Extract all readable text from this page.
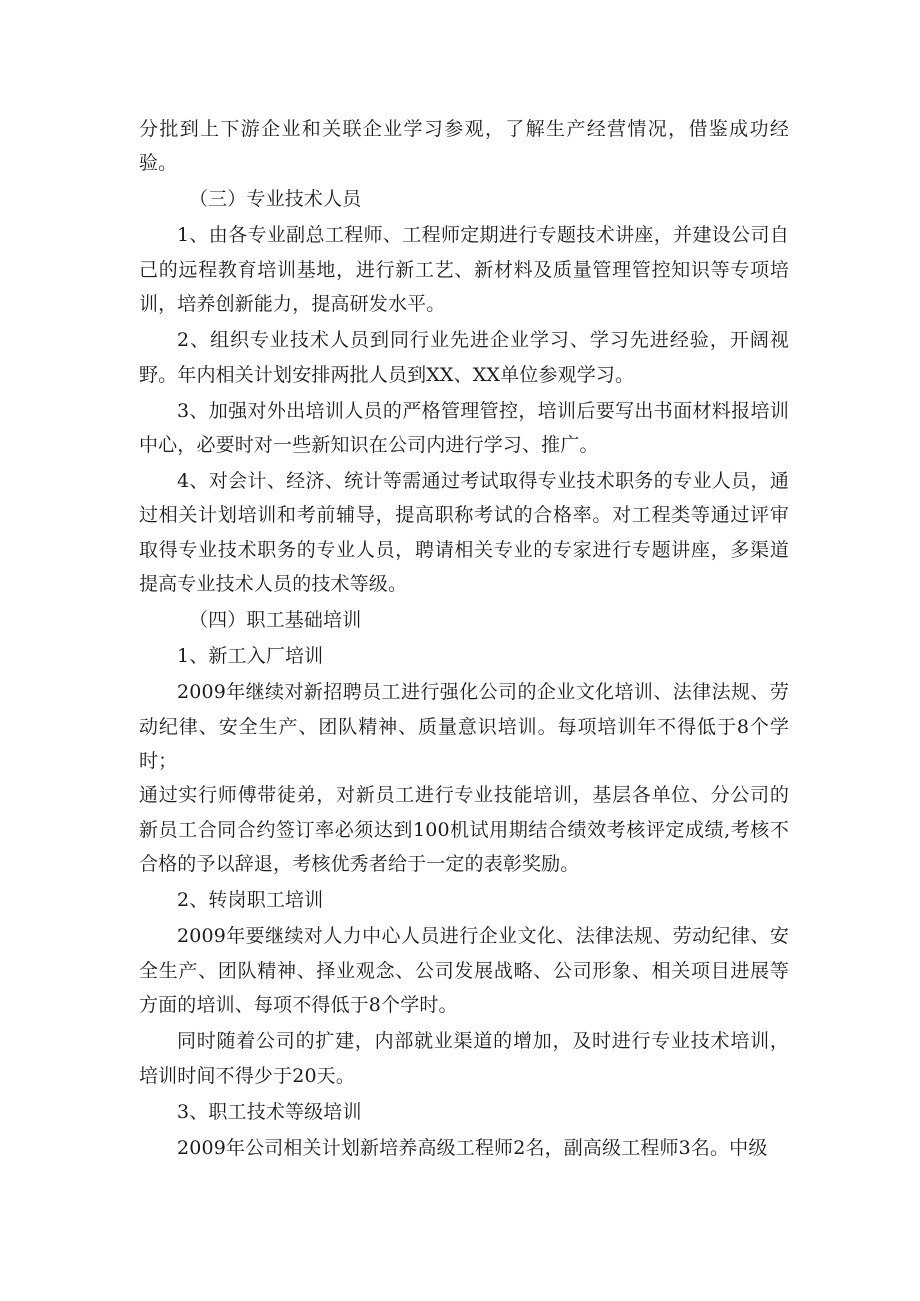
分批到上下游企业和关联企业学习参观，了解生产经营情况，借鉴成功经验。

（三）专业技术人员

1、由各专业副总工程师、工程师定期进行专题技术讲座，并建设公司自己的远程教育培训基地，进行新工艺、新材料及质量管理管控知识等专项培训，培养创新能力，提高研发水平。

2、组织专业技术人员到同行业先进企业学习、学习先进经验，开阔视野。年内相关计划安排两批人员到XX、XX单位参观学习。

3、加强对外出培训人员的严格管理管控，培训后要写出书面材料报培训中心，必要时对一些新知识在公司内进行学习、推广。

4、对会计、经济、统计等需通过考试取得专业技术职务的专业人员，通过相关计划培训和考前辅导，提高职称考试的合格率。对工程类等通过评审取得专业技术职务的专业人员，聘请相关专业的专家进行专题讲座，多渠道提高专业技术人员的技术等级。

（四）职工基础培训

1、新工入厂培训

2009年继续对新招聘员工进行强化公司的企业文化培训、法律法规、劳动纪律、安全生产、团队精神、质量意识培训。每项培训年不得低于8个学时；

通过实行师傅带徒弟，对新员工进行专业技能培训，基层各单位、分公司的新员工合同合约签订率必须达到100机试用期结合绩效考核评定成绩,考核不合格的予以辞退，考核优秀者给于一定的表彰奖励。

2、转岗职工培训

2009年要继续对人力中心人员进行企业文化、法律法规、劳动纪律、安全生产、团队精神、择业观念、公司发展战略、公司形象、相关项目进展等方面的培训、每项不得低于8个学时。

同时随着公司的扩建，内部就业渠道的增加，及时进行专业技术培训，培训时间不得少于20天。

3、职工技术等级培训

2009年公司相关计划新培养高级工程师2名，副高级工程师3名。中级
